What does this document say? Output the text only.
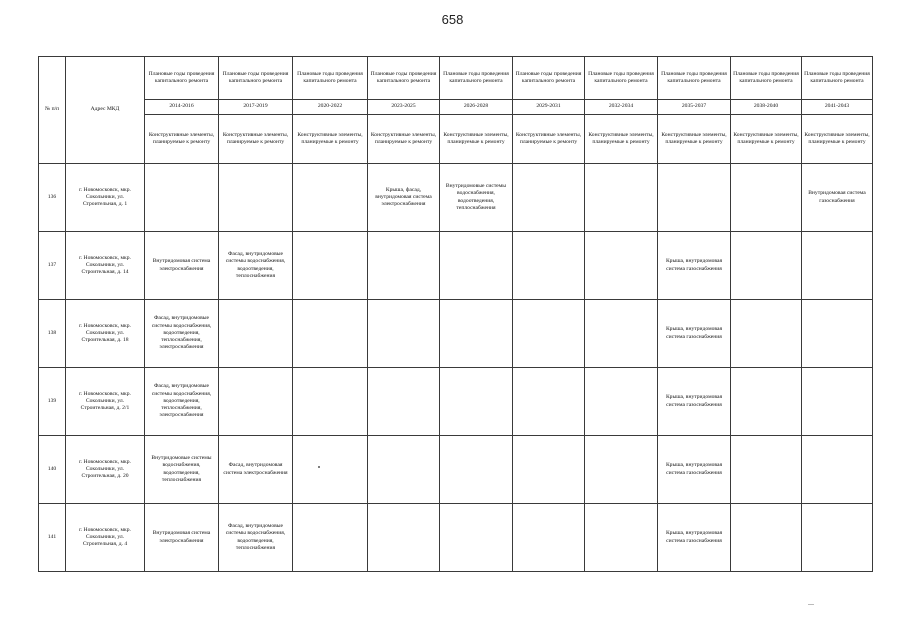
658
№ п/п	Адрес МКД	Плановые годы проведения капитального ремонта	Плановые годы проведения капитального ремонта	Плановые годы проведения капитального ремонта	Плановые годы проведения капитального ремонта	Плановые годы проведения капитального ремонта	Плановые годы проведения капитального ремонта	Плановые годы проведения капитального ремонта	Плановые годы проведения капитального ремонта	Плановые годы проведения капитального ремонта	Плановые годы проведения капитального ремонта
		2014-2016	2017-2019	2020-2022	2023-2025	2026-2028	2029-2031	2032-2034	2035-2037	2038-2040	2041-2043
		Конструктивные элементы, планируемые к ремонту	Конструктивные элементы, планируемые к ремонту	Конструктивные элементы, планируемые к ремонту	Конструктивные элементы, планируемые к ремонту	Конструктивные элементы, планируемые к ремонту	Конструктивные элементы, планируемые к ремонту	Конструктивные элементы, планируемые к ремонту	Конструктивные элементы, планируемые к ремонту	Конструктивные элементы, планируемые к ремонту	Конструктивные элементы, планируемые к ремонту
136	г. Новомосковск, мкр. Сокольники, ул. Строительная, д. 1				Крыша, фасад, внутридомовая система электроснабжения	Внутридомовые системы водоснабжения, водоотведения, теплоснабжения					Внутридомовая система газоснабжения
137	г. Новомосковск, мкр. Сокольники, ул. Строительная, д. 14	Внутридомовая система электроснабжения	Фасад, внутридомовые системы водоснабжения, водоотведения, теплоснабжения						Крыша, внутридомовая система газоснабжения		
138	г. Новомосковск, мкр. Сокольники, ул. Строительная, д. 18	Фасад, внутридомовые системы водоснабжения, водоотведения, теплоснабжения, электроснабжения							Крыша, внутридомовая система газоснабжения		
139	г. Новомосковск, мкр. Сокольники, ул. Строительная, д. 2/1	Фасад, внутридомовые системы водоснабжения, водоотведения, теплоснабжения, электроснабжения							Крыша, внутридомовая система газоснабжения		
140	г. Новомосковск, мкр. Сокольники, ул. Строительная, д. 20	Внутридомовые системы водоснабжения, водоотведения, теплоснабжения	Фасад, внутридомовая система электроснабжения						Крыша, внутридомовая система газоснабжения		
141	г. Новомосковск, мкр. Сокольники, ул. Строительная, д. 4	Внутридомовая система электроснабжения	Фасад, внутридомовые системы водоснабжения, водоотведения, теплоснабжения						Крыша, внутридомовая система газоснабжения		
